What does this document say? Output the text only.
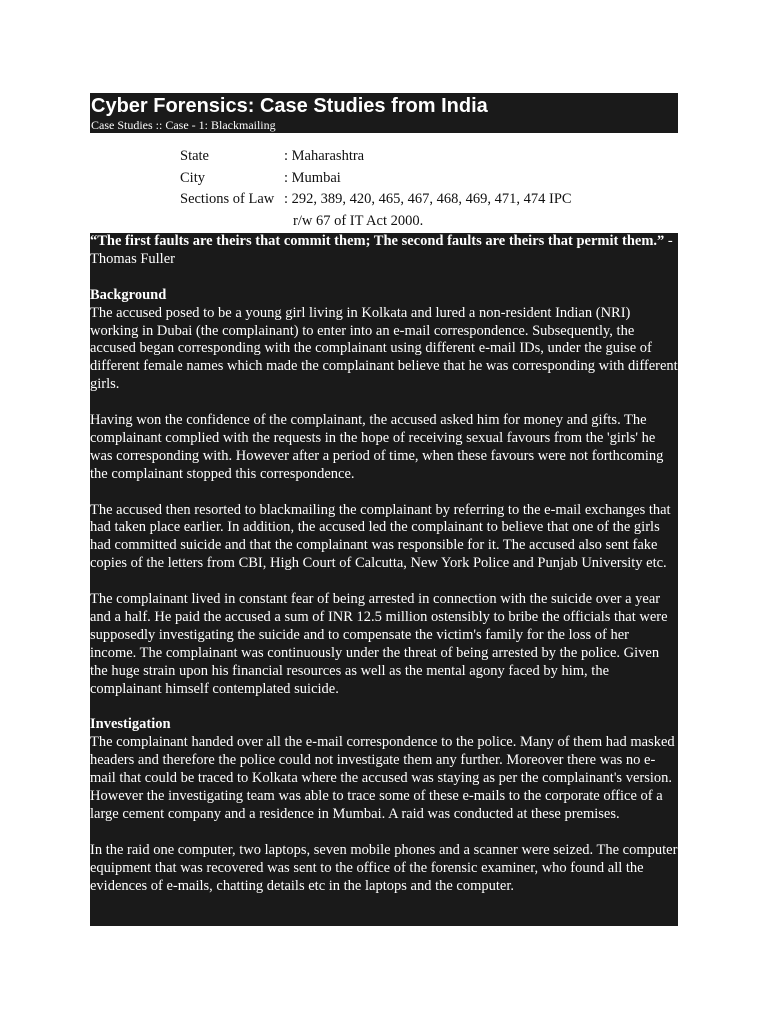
Cyber Forensics: Case Studies from India
Case Studies :: Case - 1: Blackmailing
State	: Maharashtra
City	: Mumbai
Sections of Law	: 292, 389, 420, 465, 467, 468, 469, 471, 474 IPC
	r/w 67 of IT Act 2000.

“The first faults are theirs that commit them; The second faults are theirs that permit them.” - Thomas Fuller

Background

The accused posed to be a young girl living in Kolkata and lured a non-resident Indian (NRI) working in Dubai (the complainant) to enter into an e-mail correspondence. Subsequently, the accused began corresponding with the complainant using different e-mail IDs, under the guise of different female names which made the complainant believe that he was corresponding with different girls.

Having won the confidence of the complainant, the accused asked him for money and gifts. The complainant complied with the requests in the hope of receiving sexual favours from the 'girls' he was corresponding with. However after a period of time, when these favours were not forthcoming the complainant stopped this correspondence.

The accused then resorted to blackmailing the complainant by referring to the e-mail exchanges that had taken place earlier. In addition, the accused led the complainant to believe that one of the girls had committed suicide and that the complainant was responsible for it. The accused also sent fake copies of the letters from CBI, High Court of Calcutta, New York Police and Punjab University etc.

The complainant lived in constant fear of being arrested in connection with the suicide over a year and a half. He paid the accused a sum of INR 12.5 million ostensibly to bribe the officials that were supposedly investigating the suicide and to compensate the victim's family for the loss of her income. The complainant was continuously under the threat of being arrested by the police. Given the huge strain upon his financial resources as well as the mental agony faced by him, the complainant himself contemplated suicide.

Investigation

The complainant handed over all the e-mail correspondence to the police. Many of them had masked headers and therefore the police could not investigate them any further. Moreover there was no e-mail that could be traced to Kolkata where the accused was staying as per the complainant's version. However the investigating team was able to trace some of these e-mails to the corporate office of a large cement company and a residence in Mumbai. A raid was conducted at these premises.

In the raid one computer, two laptops, seven mobile phones and a scanner were seized. The computer equipment that was recovered was sent to the office of the forensic examiner, who found all the evidences of e-mails, chatting details etc in the laptops and the computer.
